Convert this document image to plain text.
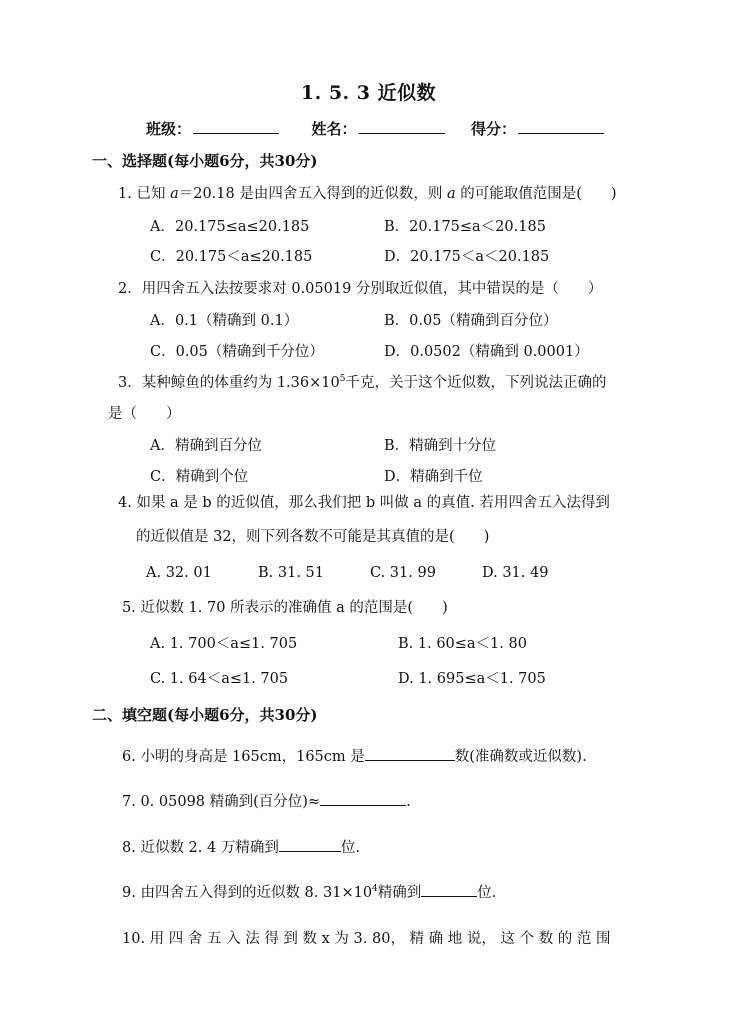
1. 5. 3 近似数
班级：	姓名：	得分：
一、选择题(每小题6分，共30分)
1. 已知 a＝20.18 是由四舍五入得到的近似数，则 a 的可能取值范围是(　　)
A．20.175≤a≤20.185	B．20.175≤a＜20.185
C．20.175＜a≤20.185	D．20.175＜a＜20.185
2．用四舍五入法按要求对 0.05019 分别取近似值，其中错误的是（　　）
A．0.1（精确到 0.1）	B．0.05（精确到百分位）
C．0.05（精确到千分位）	D．0.0502（精确到 0.0001）
3．某种鲸鱼的体重约为 $1.36\times 10^5$千克，关于这个近似数，下列说法正确的
是（　　）
A．精确到百分位	B．精确到十分位
C．精确到个位	D．精确到千位
4. 如果 a 是 b 的近似值，那么我们把 b 叫做 a 的真值. 若用四舍五入法得到
的近似值是 32，则下列各数不可能是其真值的是(　　)
A. 32. 01	B. 31. 51	C. 31. 99	D. 31. 49
5. 近似数 1. 70 所表示的准确值 a 的范围是(　　)
A. 1. 700＜a≤1. 705	B. 1. 60≤a＜1. 80
C. 1. 64＜a≤1. 705	D. 1. 695≤a＜1. 705
二、填空题(每小题6分，共30分)
6. 小明的身高是 165cm，165cm 是	数(准确数或近似数).
7. 0. 05098 精确到(百分位)≈	.
8. 近似数 2. 4 万精确到	位.
9. 由四舍五入得到的近似数 8. $31\times 10^4$精确到	位.
10. 用 四 舍 五 入 法 得 到 数 x 为 3. 80， 精 确 地 说， 这 个 数 的 范 围
